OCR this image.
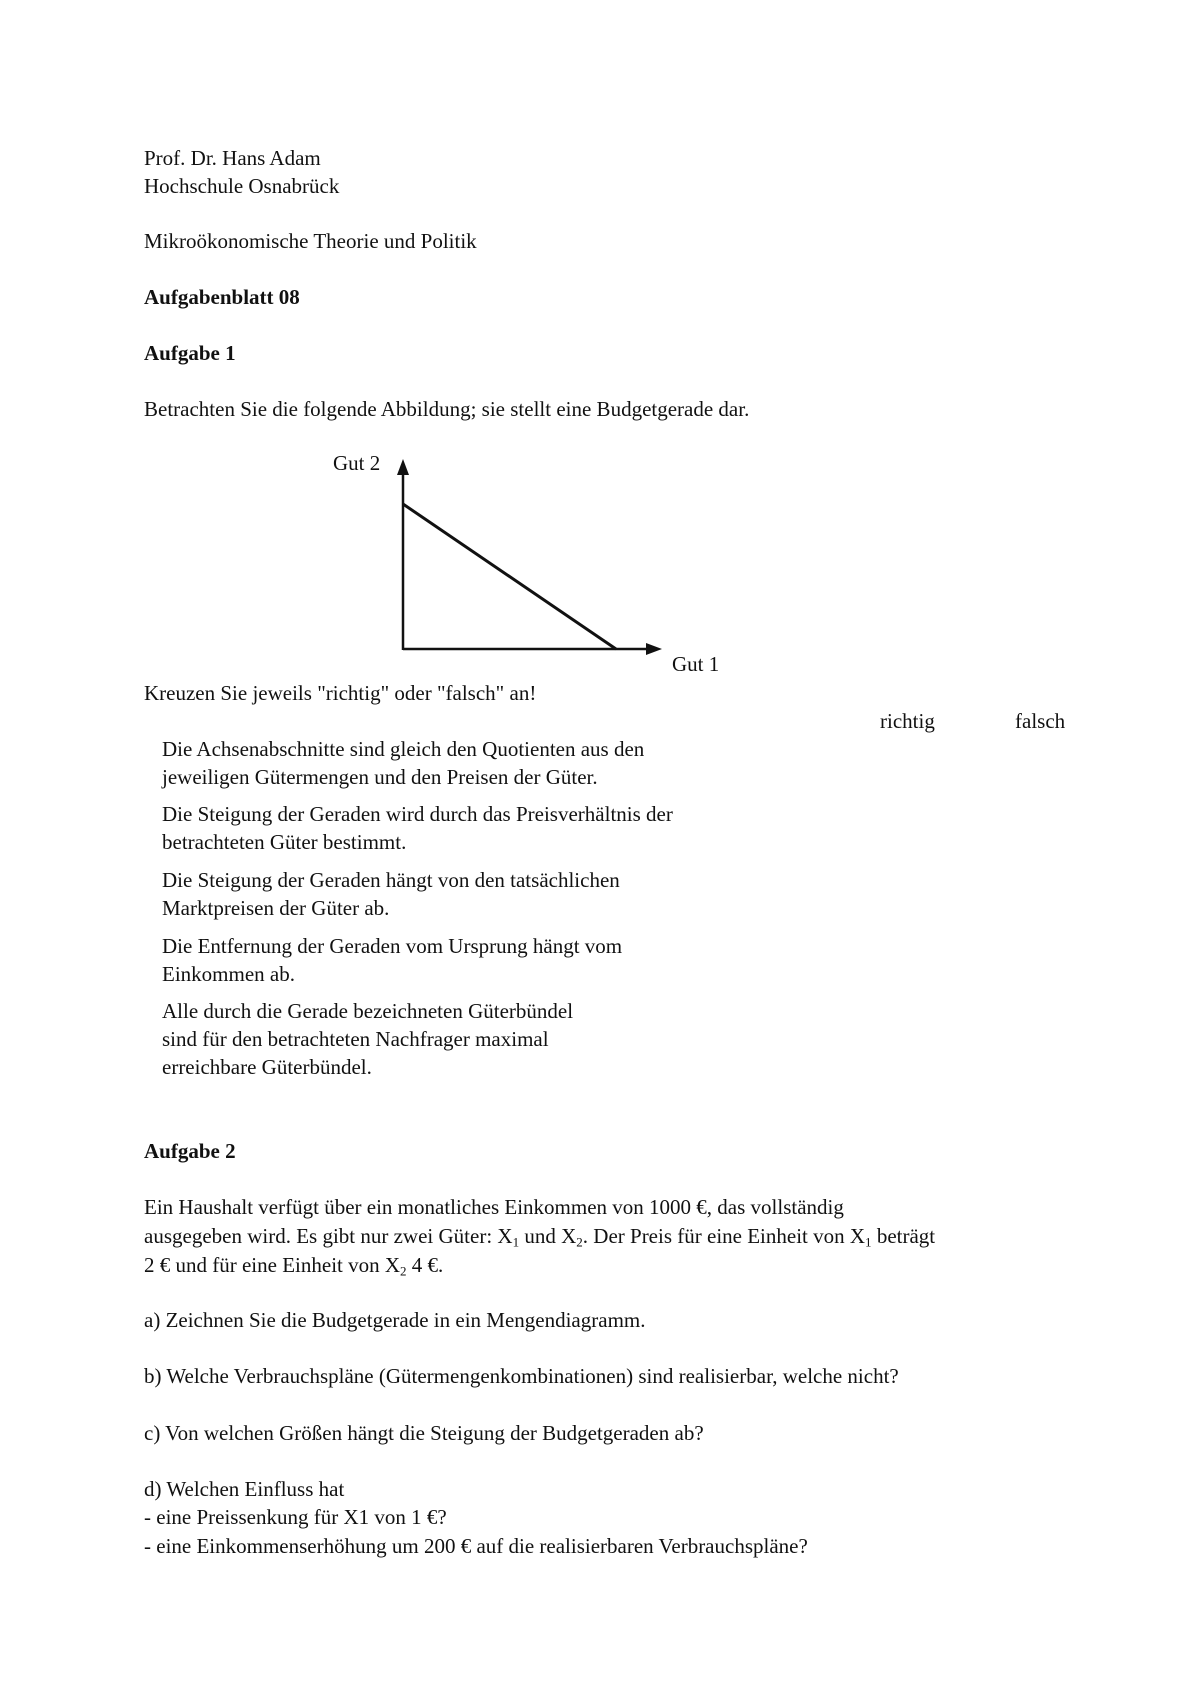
Prof. Dr. Hans Adam
Hochschule Osnabrück
Mikroökonomische Theorie und Politik
Aufgabenblatt 08
Aufgabe 1
Betrachten Sie die folgende Abbildung; sie stellt eine Budgetgerade dar.
Gut 2
Gut 1
Kreuzen Sie jeweils "richtig" oder "falsch" an!
richtig	falsch
Die Achsenabschnitte sind gleich den Quotienten aus den
jeweiligen Gütermengen und den Preisen der Güter.
Die Steigung der Geraden wird durch das Preisverhältnis der
betrachteten Güter bestimmt.
Die Steigung der Geraden hängt von den tatsächlichen
Marktpreisen der Güter ab.
Die Entfernung der Geraden vom Ursprung hängt vom
Einkommen ab.
Alle durch die Gerade bezeichneten Güterbündel
sind für den betrachteten Nachfrager maximal
erreichbare Güterbündel.
Aufgabe 2
Ein Haushalt verfügt über ein monatliches Einkommen von 1000 €, das vollständig
ausgegeben wird. Es gibt nur zwei Güter: $X_1$ und $X_2$. Der Preis für eine Einheit von $X_1$ beträgt
2 € und für eine Einheit von $X_2$ 4 €.
a) Zeichnen Sie die Budgetgerade in ein Mengendiagramm.
b) Welche Verbrauchspläne (Gütermengenkombinationen) sind realisierbar, welche nicht?
c) Von welchen Größen hängt die Steigung der Budgetgeraden ab?
d) Welchen Einfluss hat
- eine Preissenkung für X1 von 1 €?
- eine Einkommenserhöhung um 200 € auf die realisierbaren Verbrauchspläne?
